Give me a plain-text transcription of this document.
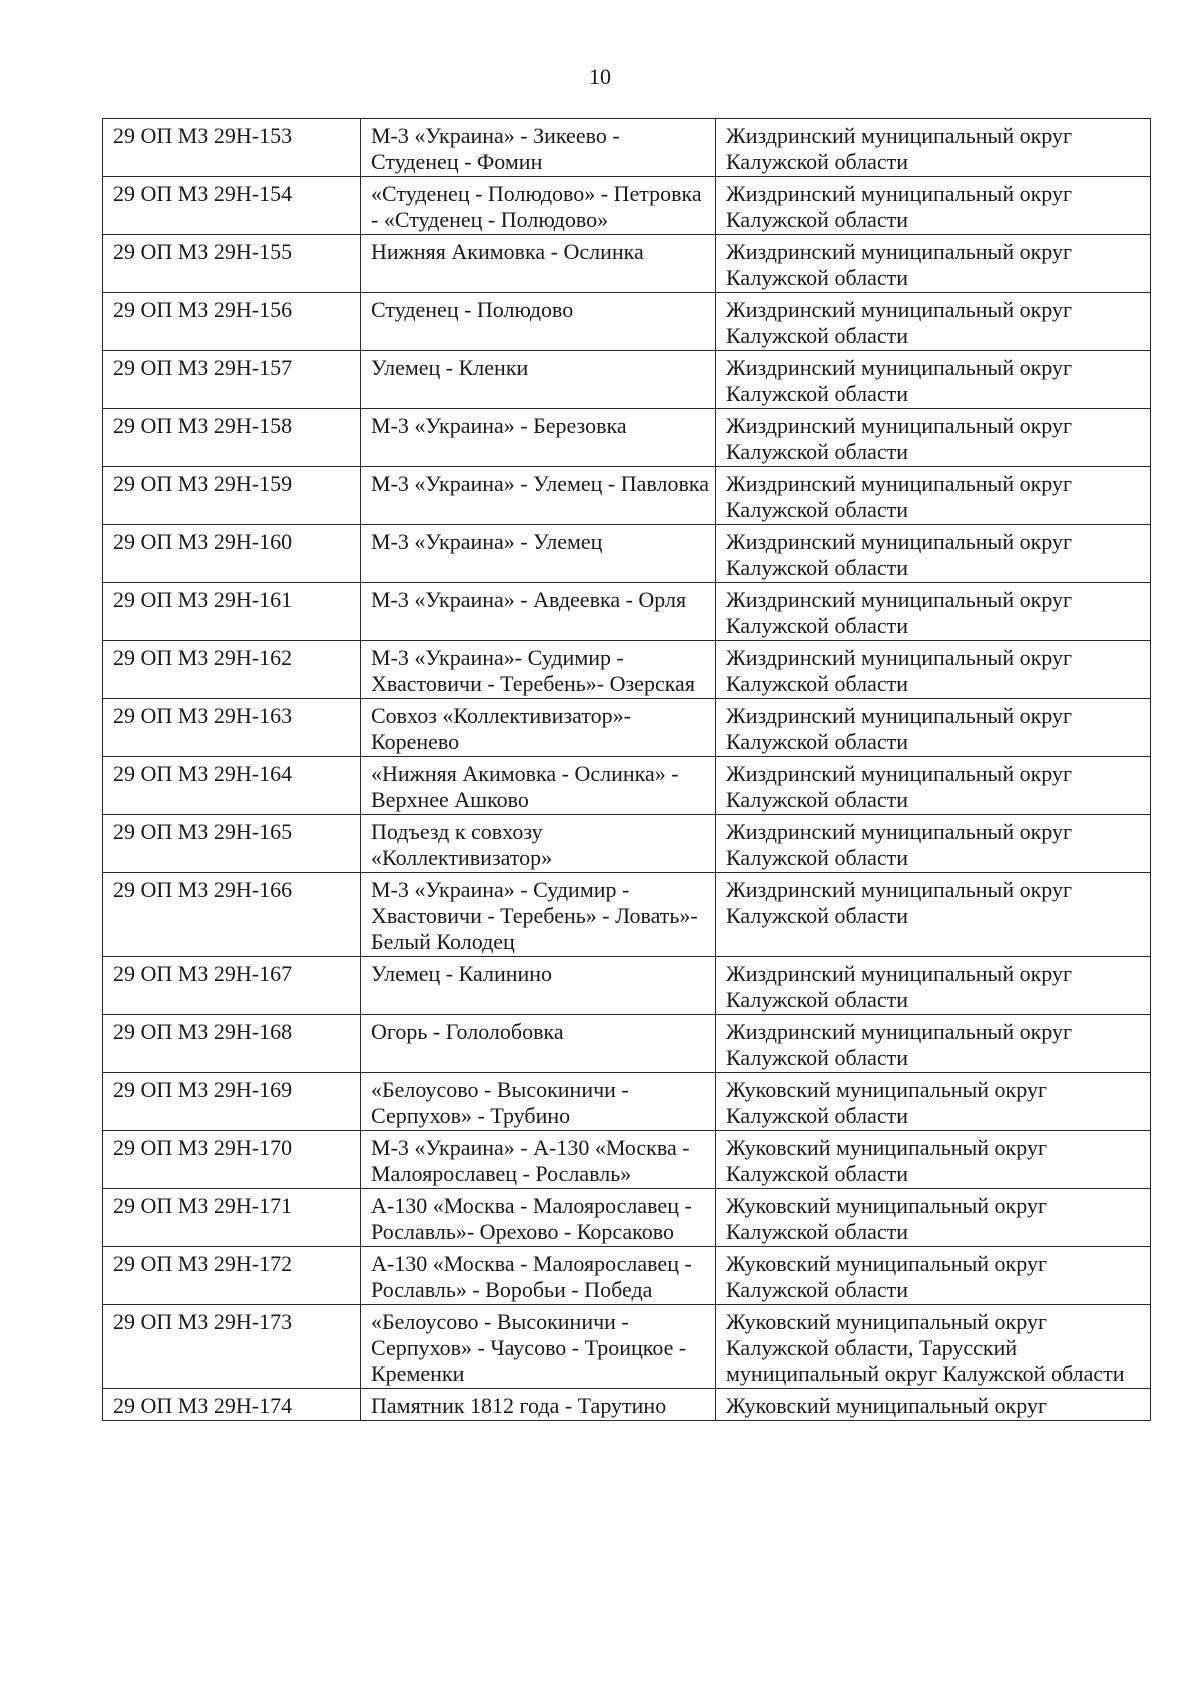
10
29 ОП МЗ 29Н-153	М-3 «Украина» - Зикеево - Студенец - Фомин	Жиздринский муниципальный округ Калужской области
29 ОП МЗ 29Н-154	«Студенец - Полюдово» - Петровка - «Студенец - Полюдово»	Жиздринский муниципальный округ Калужской области
29 ОП МЗ 29Н-155	Нижняя Акимовка - Ослинка	Жиздринский муниципальный округ Калужской области
29 ОП МЗ 29Н-156	Студенец - Полюдово	Жиздринский муниципальный округ Калужской области
29 ОП МЗ 29Н-157	Улемец - Кленки	Жиздринский муниципальный округ Калужской области
29 ОП МЗ 29Н-158	М-3 «Украина» - Березовка	Жиздринский муниципальный округ Калужской области
29 ОП МЗ 29Н-159	М-3 «Украина» - Улемец - Павловка	Жиздринский муниципальный округ Калужской области
29 ОП МЗ 29Н-160	М-3 «Украина» - Улемец	Жиздринский муниципальный округ Калужской области
29 ОП МЗ 29Н-161	М-3 «Украина» - Авдеевка - Орля	Жиздринский муниципальный округ Калужской области
29 ОП МЗ 29Н-162	М-3 «Украина»- Судимир - Хвастовичи - Теребень»- Озерская	Жиздринский муниципальный округ Калужской области
29 ОП МЗ 29Н-163	Совхоз «Коллективизатор»- Коренево	Жиздринский муниципальный округ Калужской области
29 ОП МЗ 29Н-164	«Нижняя Акимовка - Ослинка» - Верхнее Ашково	Жиздринский муниципальный округ Калужской области
29 ОП МЗ 29Н-165	Подъезд к совхозу «Коллективизатор»	Жиздринский муниципальный округ Калужской области
29 ОП МЗ 29Н-166	М-3 «Украина» - Судимир - Хвастовичи - Теребень» - Ловать»- Белый Колодец	Жиздринский муниципальный округ Калужской области
29 ОП МЗ 29Н-167	Улемец - Калинино	Жиздринский муниципальный округ Калужской области
29 ОП МЗ 29Н-168	Огорь - Гололобовка	Жиздринский муниципальный округ Калужской области
29 ОП МЗ 29Н-169	«Белоусово - Высокиничи - Серпухов» - Трубино	Жуковский муниципальный округ Калужской области
29 ОП МЗ 29Н-170	М-3 «Украина» - А-130 «Москва - Малоярославец - Рославль»	Жуковский муниципальный округ Калужской области
29 ОП МЗ 29Н-171	А-130 «Москва - Малоярославец - Рославль»- Орехово - Корсаково	Жуковский муниципальный округ Калужской области
29 ОП МЗ 29Н-172	А-130 «Москва - Малоярославец - Рославль» - Воробьи - Победа	Жуковский муниципальный округ Калужской области
29 ОП МЗ 29Н-173	«Белоусово - Высокиничи - Серпухов» - Чаусово - Троицкое - Кременки	Жуковский муниципальный округ Калужской области, Тарусский муниципальный округ Калужской области
29 ОП МЗ 29Н-174	Памятник 1812 года - Тарутино	Жуковский муниципальный округ
